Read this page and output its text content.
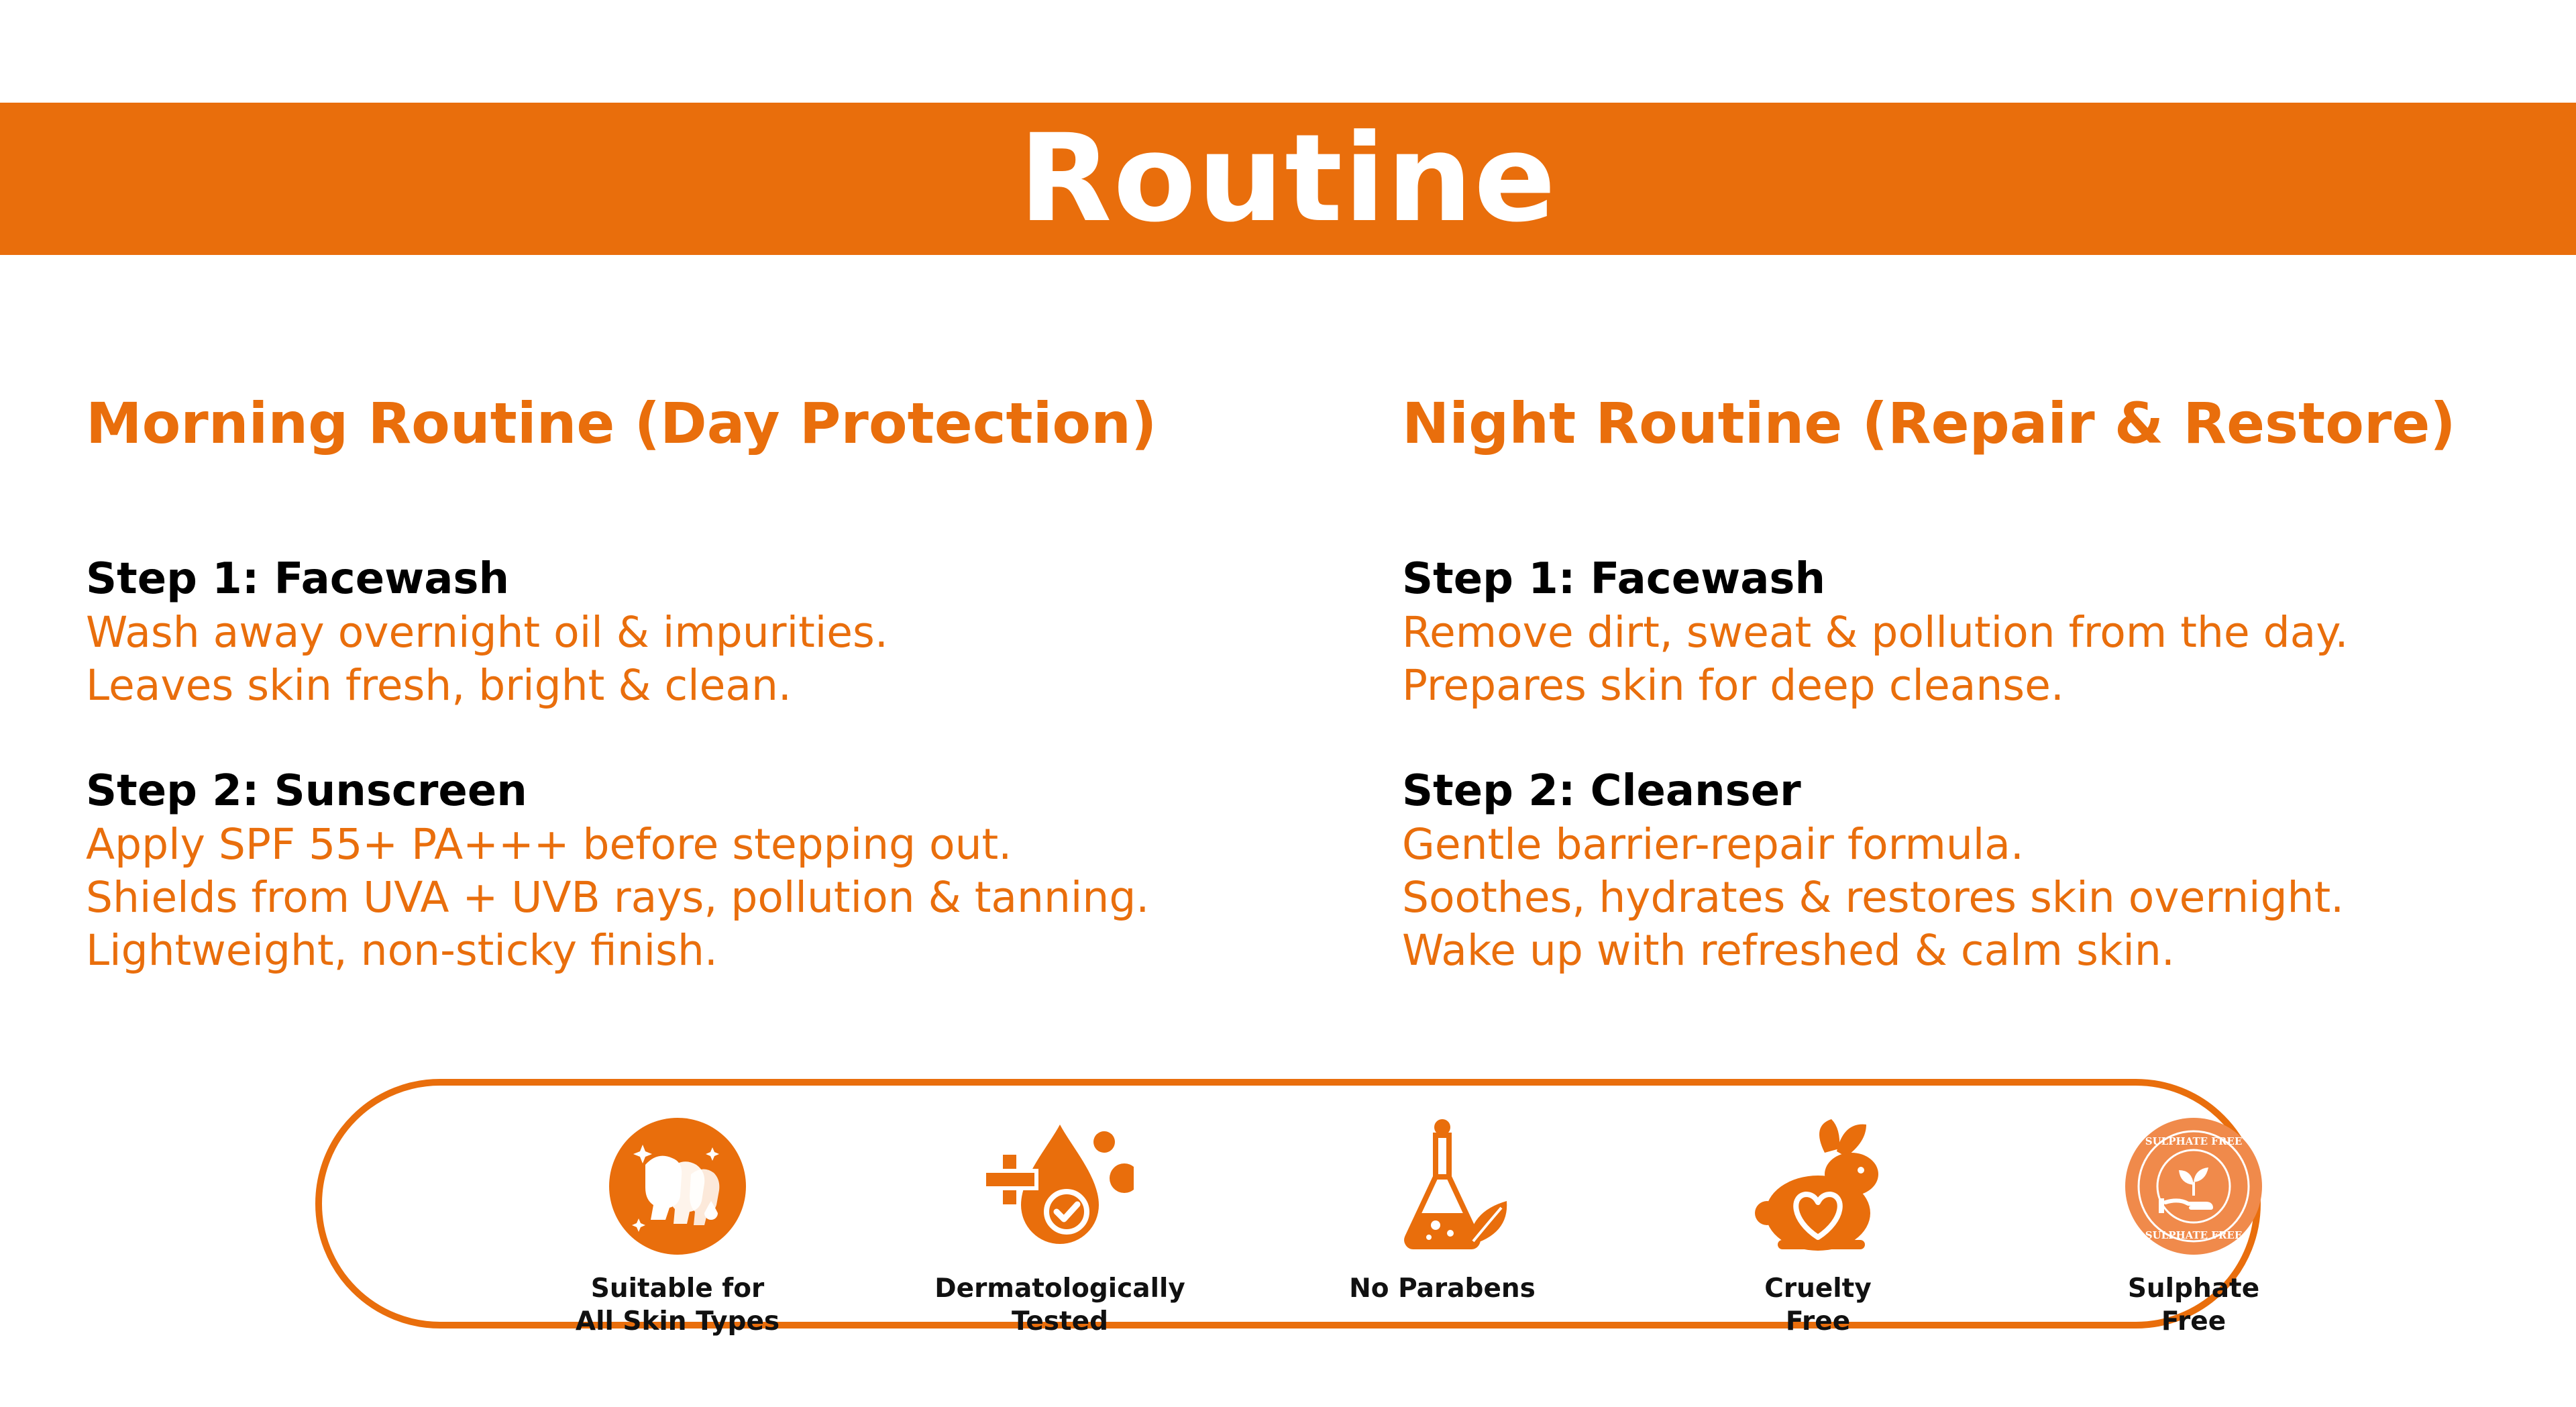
Routine
Morning Routine (Day Protection)
Step 1: Facewash
Wash away overnight oil & impurities.
Leaves skin fresh, bright & clean.
Step 2: Sunscreen
Apply SPF 55+ PA+++ before stepping out.
Shields from UVA + UVB rays, pollution & tanning.
Lightweight, non-sticky finish.
Night Routine (Repair & Restore)
Step 1: Facewash
Remove dirt, sweat & pollution from the day.
Prepares skin for deep cleanse.
Step 2: Cleanser
Gentle barrier-repair formula.
Soothes, hydrates & restores skin overnight.
Wake up with refreshed & calm skin.
Suitable for
All Skin Types
Dermatologically
Tested
No Parabens	Cruelty
Free
SULPHATE FREE
SULPHATE FREE
Sulphate
Free
